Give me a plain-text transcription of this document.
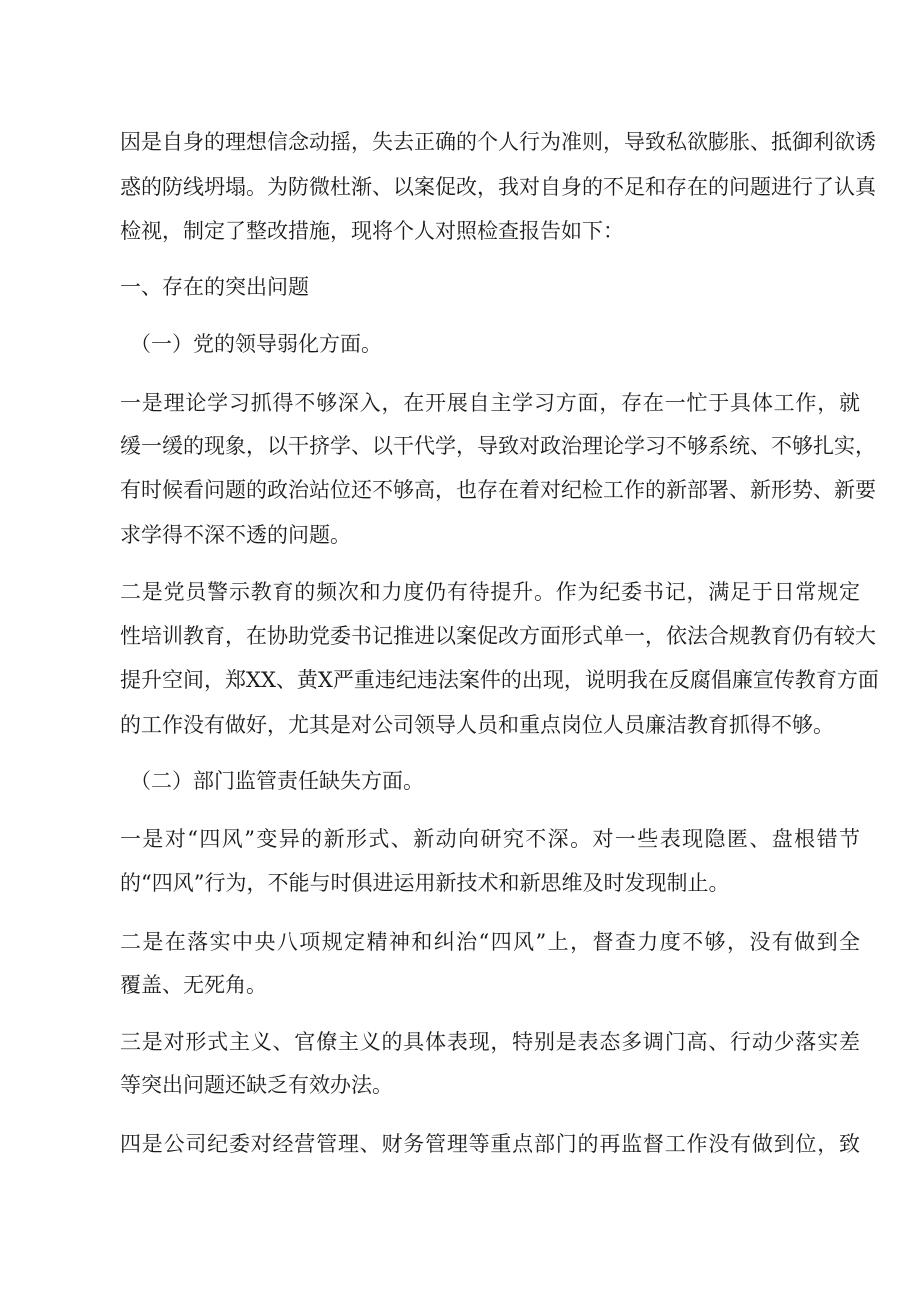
因是自身的理想信念动摇，失去正确的个人行为准则，导致私欲膨胀、抵御利欲诱
惑的防线坍塌。为防微杜渐、以案促改，我对自身的不足和存在的问题进行了认真
检视，制定了整改措施，现将个人对照检查报告如下：
一、存在的突出问题
（一）党的领导弱化方面。
一是理论学习抓得不够深入，在开展自主学习方面，存在一忙于具体工作，就
缓一缓的现象，以干挤学、以干代学，导致对政治理论学习不够系统、不够扎实，
有时候看问题的政治站位还不够高，也存在着对纪检工作的新部署、新形势、新要
求学得不深不透的问题。
二是党员警示教育的频次和力度仍有待提升。作为纪委书记，满足于日常规定
性培训教育，在协助党委书记推进以案促改方面形式单一，依法合规教育仍有较大
提升空间，郑XX、黄X严重违纪违法案件的出现，说明我在反腐倡廉宣传教育方面
的工作没有做好，尤其是对公司领导人员和重点岗位人员廉洁教育抓得不够。
（二）部门监管责任缺失方面。
一是对“四风”变异的新形式、新动向研究不深。对一些表现隐匿、盘根错节
的“四风”行为，不能与时俱进运用新技术和新思维及时发现制止。
二是在落实中央八项规定精神和纠治“四风”上，督查力度不够，没有做到全
覆盖、无死角。
三是对形式主义、官僚主义的具体表现，特别是表态多调门高、行动少落实差
等突出问题还缺乏有效办法。
四是公司纪委对经营管理、财务管理等重点部门的再监督工作没有做到位，致
